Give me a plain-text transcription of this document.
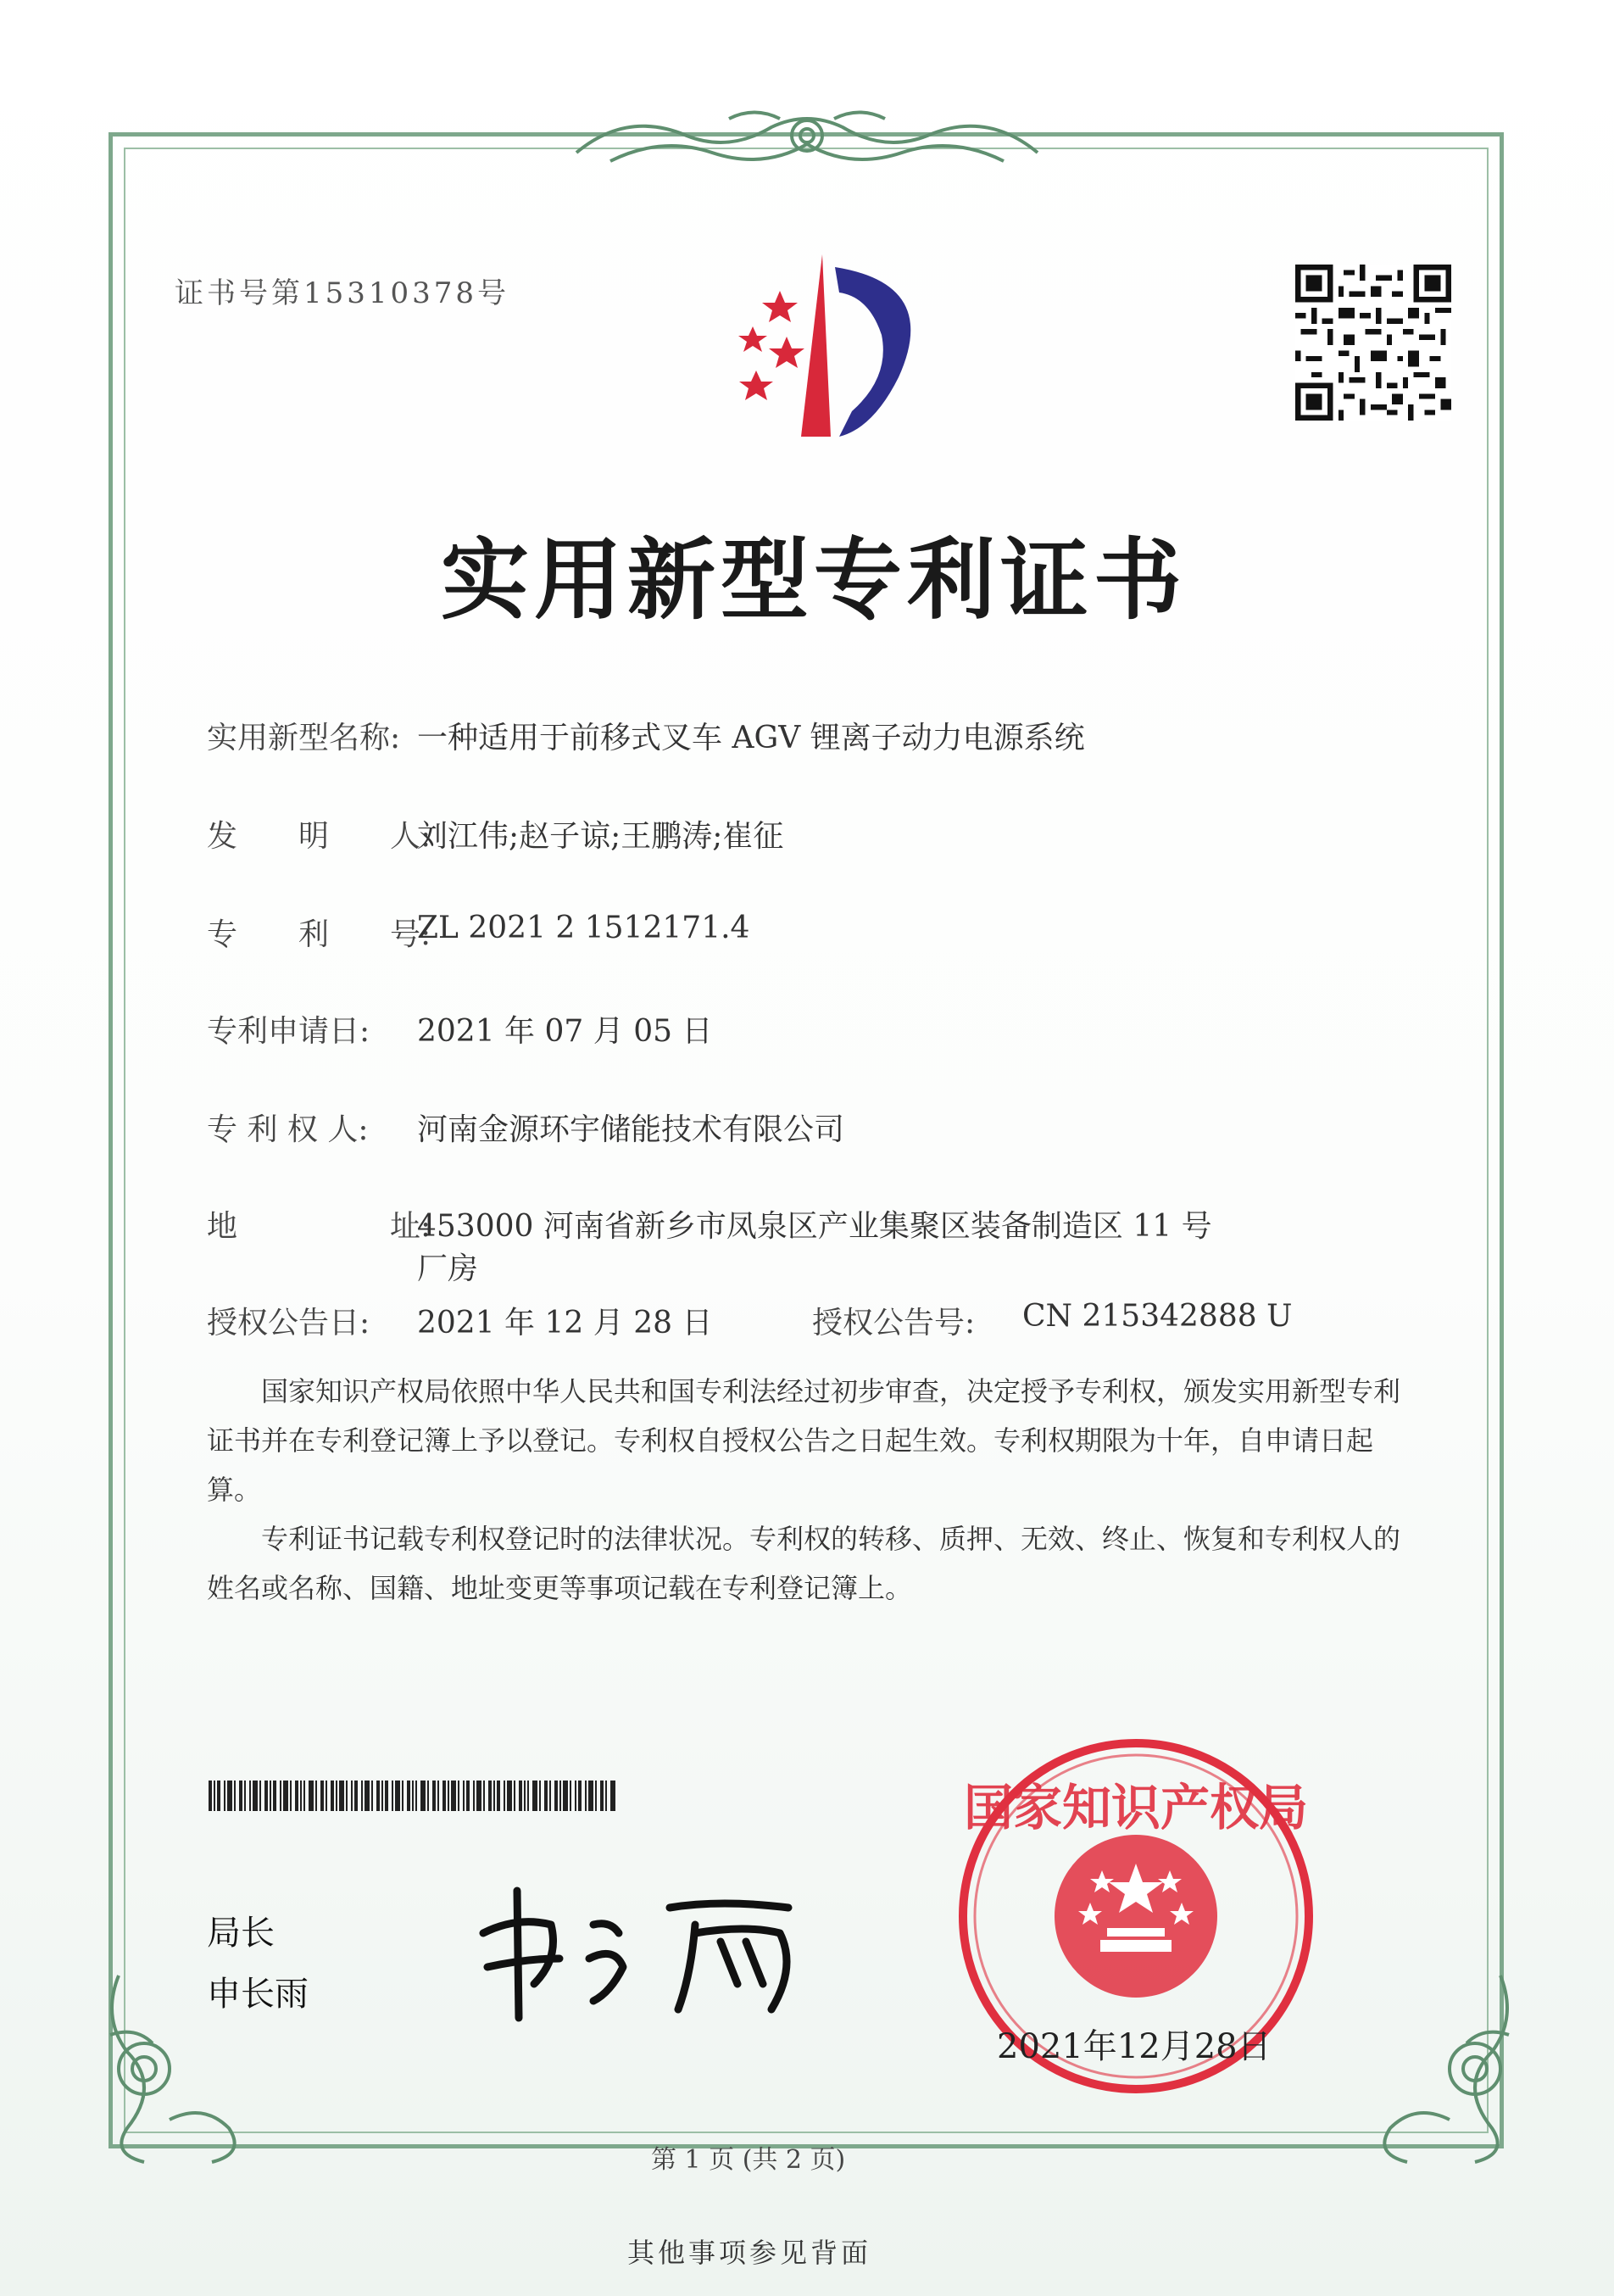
证书号第15310378号
实用新型专利证书
实用新型名称: 一种适用于前移式叉车 AGV 锂离子动力电源系统
发　　明　　人:
刘江伟;赵子谅;王鹏涛;崔征
专　　利　　号:
ZL 2021 2 1512171.4
专利申请日: 2021 年 07 月 05 日
专 利 权 人: 河南金源环宇储能技术有限公司
地　　　　　址:
453000 河南省新乡市凤泉区产业集聚区装备制造区 11 号
厂房
授权公告日: 2021 年 12 月 28 日	授权公告号: CN 215342888 U
国家知识产权局依照中华人民共和国专利法经过初步审查，决定授予专利权，颁发实用新型专利证书并在专利登记簿上予以登记。专利权自授权公告之日起生效。专利权期限为十年，自申请日起算。
专利证书记载专利权登记时的法律状况。专利权的转移、质押、无效、终止、恢复和专利权人的姓名或名称、国籍、地址变更等事项记载在专利登记簿上。
局长
申长雨
国家知识产权局
2021年12月28日
第 1 页 (共 2 页)
其他事项参见背面
